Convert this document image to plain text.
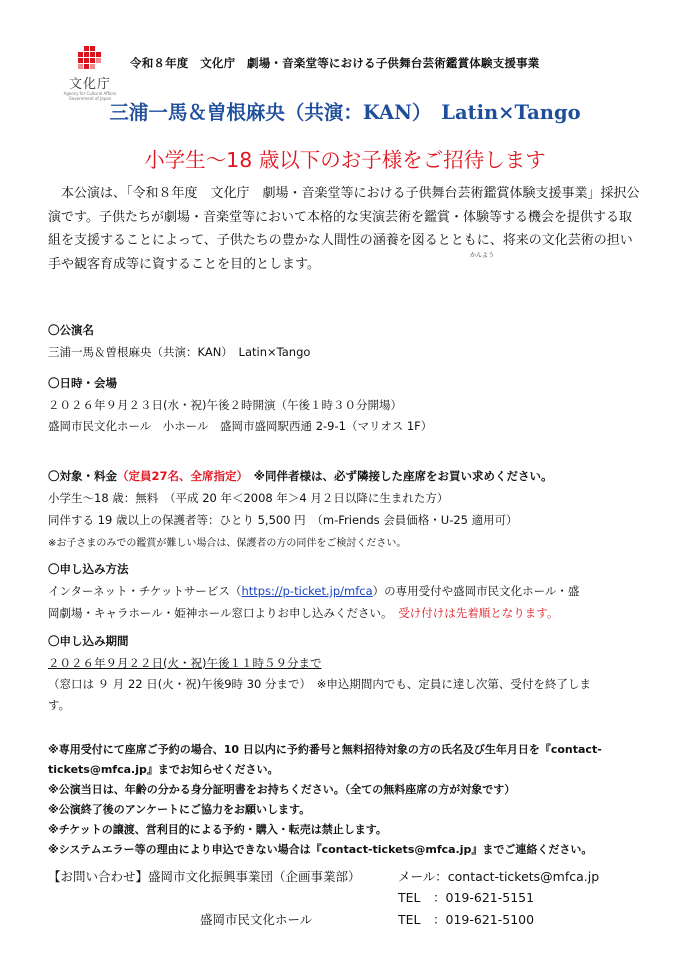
文化庁
Agency for Cultural Affairs Government of Japan
令和８年度　文化庁　劇場・音楽堂等における子供舞台芸術鑑賞体験支援事業
三浦一馬＆曽根麻央（共演：KAN）　Latin×Tango
小学生～18 歳以下のお子様をご招待します

　本公演は、「令和８年度　文化庁　劇場・音楽堂等における子供舞台芸術鑑賞体験支援事業」採択公演です。子供たちが劇場・音楽堂等において本格的な実演芸術を鑑賞・体験等する機会を提供する取組を支援することによって、子供たちの豊かな人間性の涵養を図るとともに、将来の文化芸術の担い手や観客育成等に資することを目的とします。

かんよう
〇公演名
三浦一馬＆曽根麻央（共演：KAN）　Latin×Tango
〇日時・会場
２０２６年９月２３日(水・祝)午後２時開演（午後１時３０分開場）
盛岡市民文化ホール　小ホール　盛岡市盛岡駅西通 2-9-1（マリオス 1F）
〇対象・料金（定員27名、全席指定）　 ※同伴者様は、必ず隣接した座席をお買い求めください。
小学生～18 歳：無料　（平成 20 年＜2008 年＞4 月２日以降に生まれた方）
同伴する 19 歳以上の保護者等：ひとり 5,500 円　（m-Friends 会員価格・U-25 適用可）
※お子さまのみでの鑑賞が難しい場合は、保護者の方の同伴をご検討ください。
〇申し込み方法
インターネット・チケットサービス（https://p-ticket.jp/mfca）の専用受付や盛岡市民文化ホール・盛
岡劇場・キャラホール・姫神ホール窓口よりお申し込みください。　 受け付けは先着順となります。
〇申し込み期間
２０２６年９月２２日(火・祝)午後１１時５９分まで
（窓口は ９ 月 22 日(火・祝)午後9時 30 分まで）　※申込期間内でも、定員に達し次第、受付を終了しま
す。
※専用受付にて座席ご予約の場合、10 日以内に予約番号と無料招待対象の方の氏名及び生年月日を『contact-
tickets@mfca.jp』までお知らせください。
※公演当日は、年齢の分かる身分証明書をお持ちください。（全ての無料座席の方が対象です）
※公演終了後のアンケートにご協力をお願いします。
※チケットの譲渡、営利目的による予約・購入・転売は禁止します。
※システムエラー等の理由により申込できない場合は『contact-tickets@mfca.jp』までご連絡ください。
【お問い合わせ】盛岡市文化振興事業団（企画事業部）	メール：contact-tickets@mfca.jp
TEL　：019-621-5151
盛岡市民文化ホール	TEL　：019-621-5100
